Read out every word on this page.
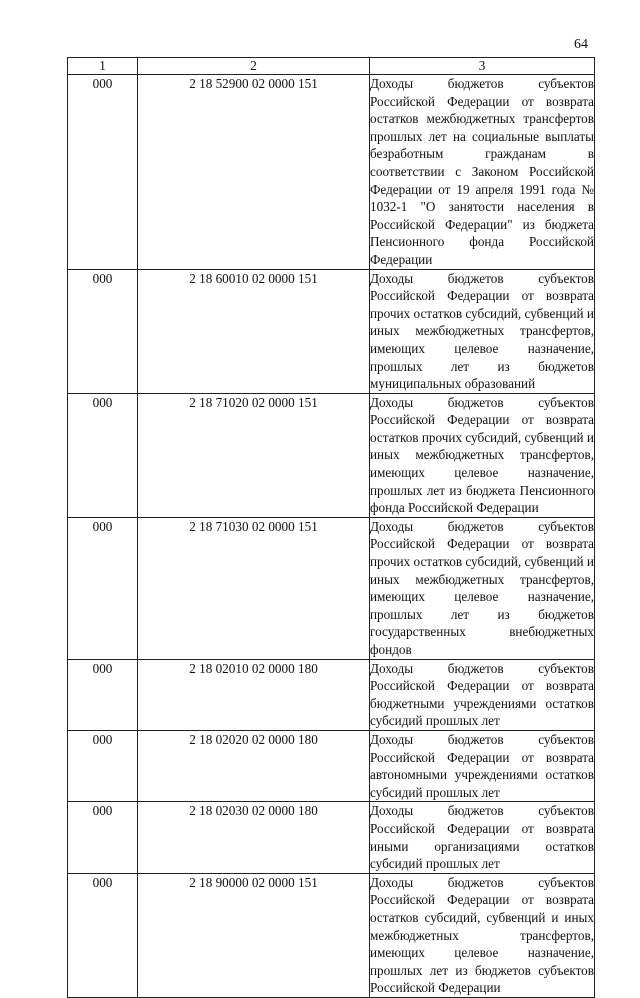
64
1	2	3
000	2 18 52900 02 0000 151	Доходы бюджетов субъектов Российской Федерации от возврата остатков межбюджетных трансфертов прошлых лет на социальные выплаты безработным гражданам в соответствии с Законом Российской Федерации от 19 апреля 1991 года № 1032-1 "О занятости населения в Российской Федерации" из бюджета Пенсионного фонда Российской Федерации
000	2 18 60010 02 0000 151	Доходы бюджетов субъектов Российской Федерации от возврата прочих остатков субсидий, субвенций и иных межбюджетных трансфертов, имеющих целевое назначение, прошлых лет из бюджетов муниципальных образований
000	2 18 71020 02 0000 151	Доходы бюджетов субъектов Российской Федерации от возврата остатков прочих субсидий, субвенций и иных межбюджетных трансфертов, имеющих целевое назначение, прошлых лет из бюджета Пенсионного фонда Российской Федерации
000	2 18 71030 02 0000 151	Доходы бюджетов субъектов Российской Федерации от возврата прочих остатков субсидий, субвенций и иных межбюджетных трансфертов, имеющих целевое назначение, прошлых лет из бюджетов государственных внебюджетных фондов
000	2 18 02010 02 0000 180	Доходы бюджетов субъектов Российской Федерации от возврата бюджетными учреждениями остатков субсидий прошлых лет
000	2 18 02020 02 0000 180	Доходы бюджетов субъектов Российской Федерации от возврата автономными учреждениями остатков субсидий прошлых лет
000	2 18 02030 02 0000 180	Доходы бюджетов субъектов Российской Федерации от возврата иными организациями остатков субсидий прошлых лет
000	2 18 90000 02 0000 151	Доходы бюджетов субъектов Российской Федерации от возврата остатков субсидий, субвенций и иных межбюджетных трансфертов, имеющих целевое назначение, прошлых лет из бюджетов субъектов Российской Федерации
